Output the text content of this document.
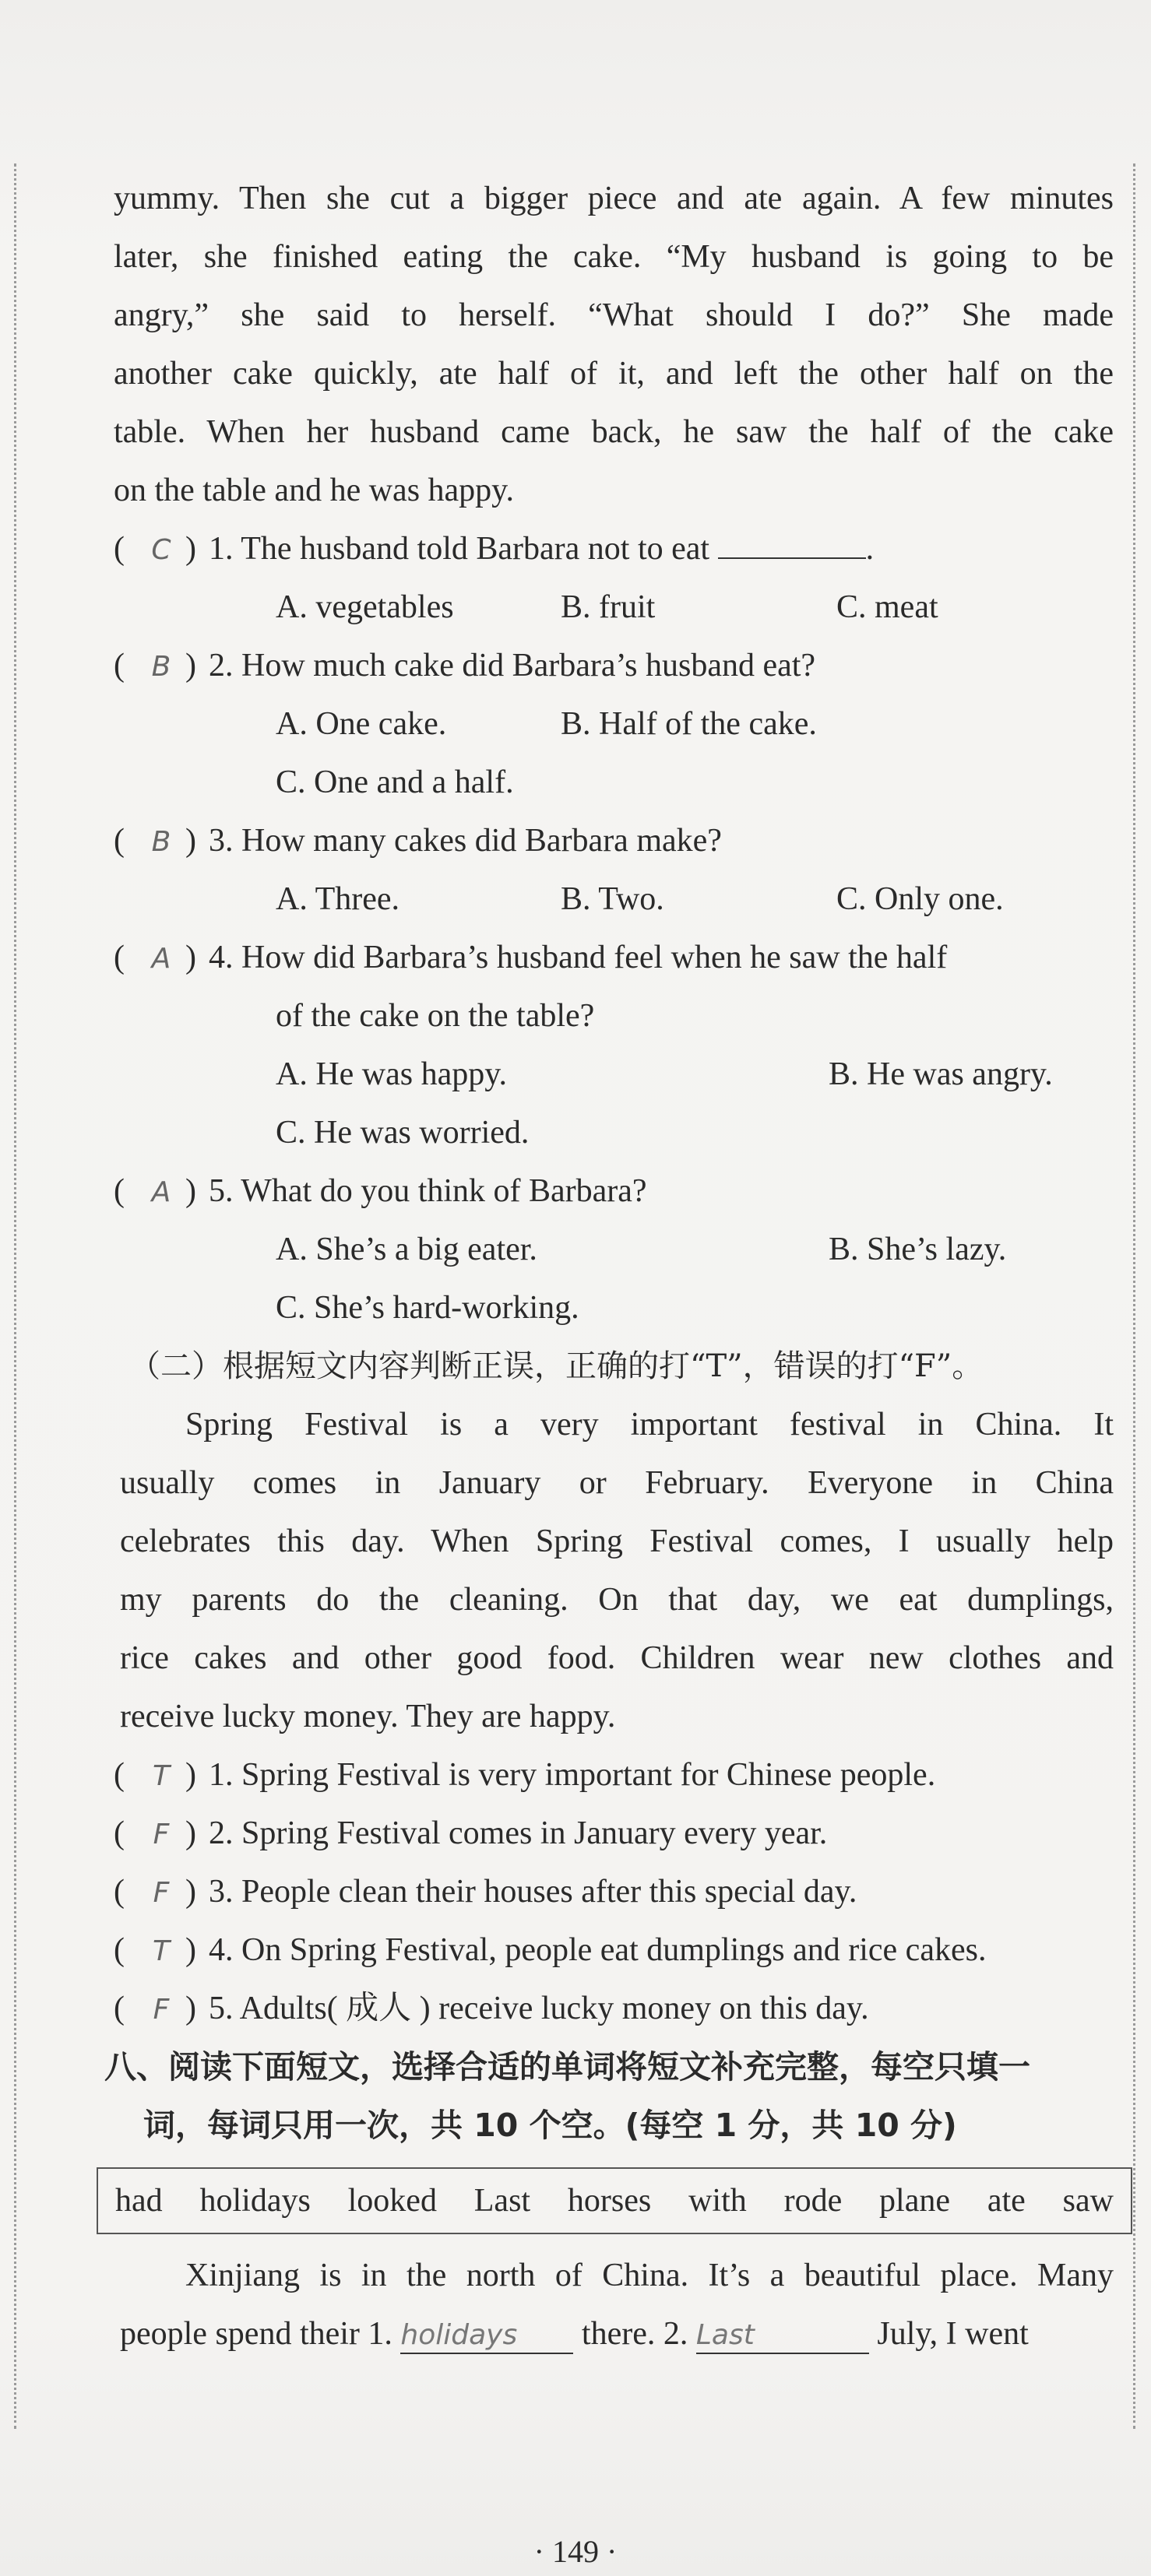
yummy. Then she cut a bigger piece and ate again. A few minutes
later, she finished eating the cake. “My husband is going to be
angry,” she said to herself. “What should I do?” She made
another cake quickly, ate half of it, and left the other half on the
table. When her husband came back, he saw the half of the cake
on the table and he was happy.
( C ) 1. The husband told Barbara not to eat
	.
A. vegetables	B. fruit	C. meat
( B ) 2. How much cake did Barbara’s husband eat?
A. One cake.	B. Half of the cake.
C. One and a half.
( B ) 3. How many cakes did Barbara make?
A. Three.	B. Two.	C. Only one.
( A ) 4. How did Barbara’s husband feel when he saw the half
of the cake on the table?
A. He was happy.	B. He was angry.
C. He was worried.
( A ) 5. What do you think of Barbara?
A. She’s a big eater.	B. She’s lazy.
C. She’s hard-working.
（二）根据短文内容判断正误，正确的打“T”，错误的打“F”。
Spring Festival is a very important festival in China. It
usually comes in January or February. Everyone in China
celebrates this day. When Spring Festival comes, I usually help
my parents do the cleaning. On that day, we eat dumplings,
rice cakes and other good food. Children wear new clothes and
receive lucky money. They are happy.
(	T ) 1. Spring Festival is very important for Chinese people.
(	F ) 2. Spring Festival comes in January every year.
(	F ) 3. People clean their houses after this special day.
(	T ) 4. On Spring Festival, people eat dumplings and rice cakes.
(	F ) 5. Adults( 成人 ) receive lucky money on this day.
八、阅读下面短文，选择合适的单词将短文补充完整，每空只填一
词，每词只用一次，共 10 个空。(每空 1 分，共 10 分)
had holidays looked Last horses with rode plane ate saw
Xinjiang is in the north of China. It’s a beautiful place. Many
people spend their 1. holidays there. 2. Last	July, I went
· 149 ·
